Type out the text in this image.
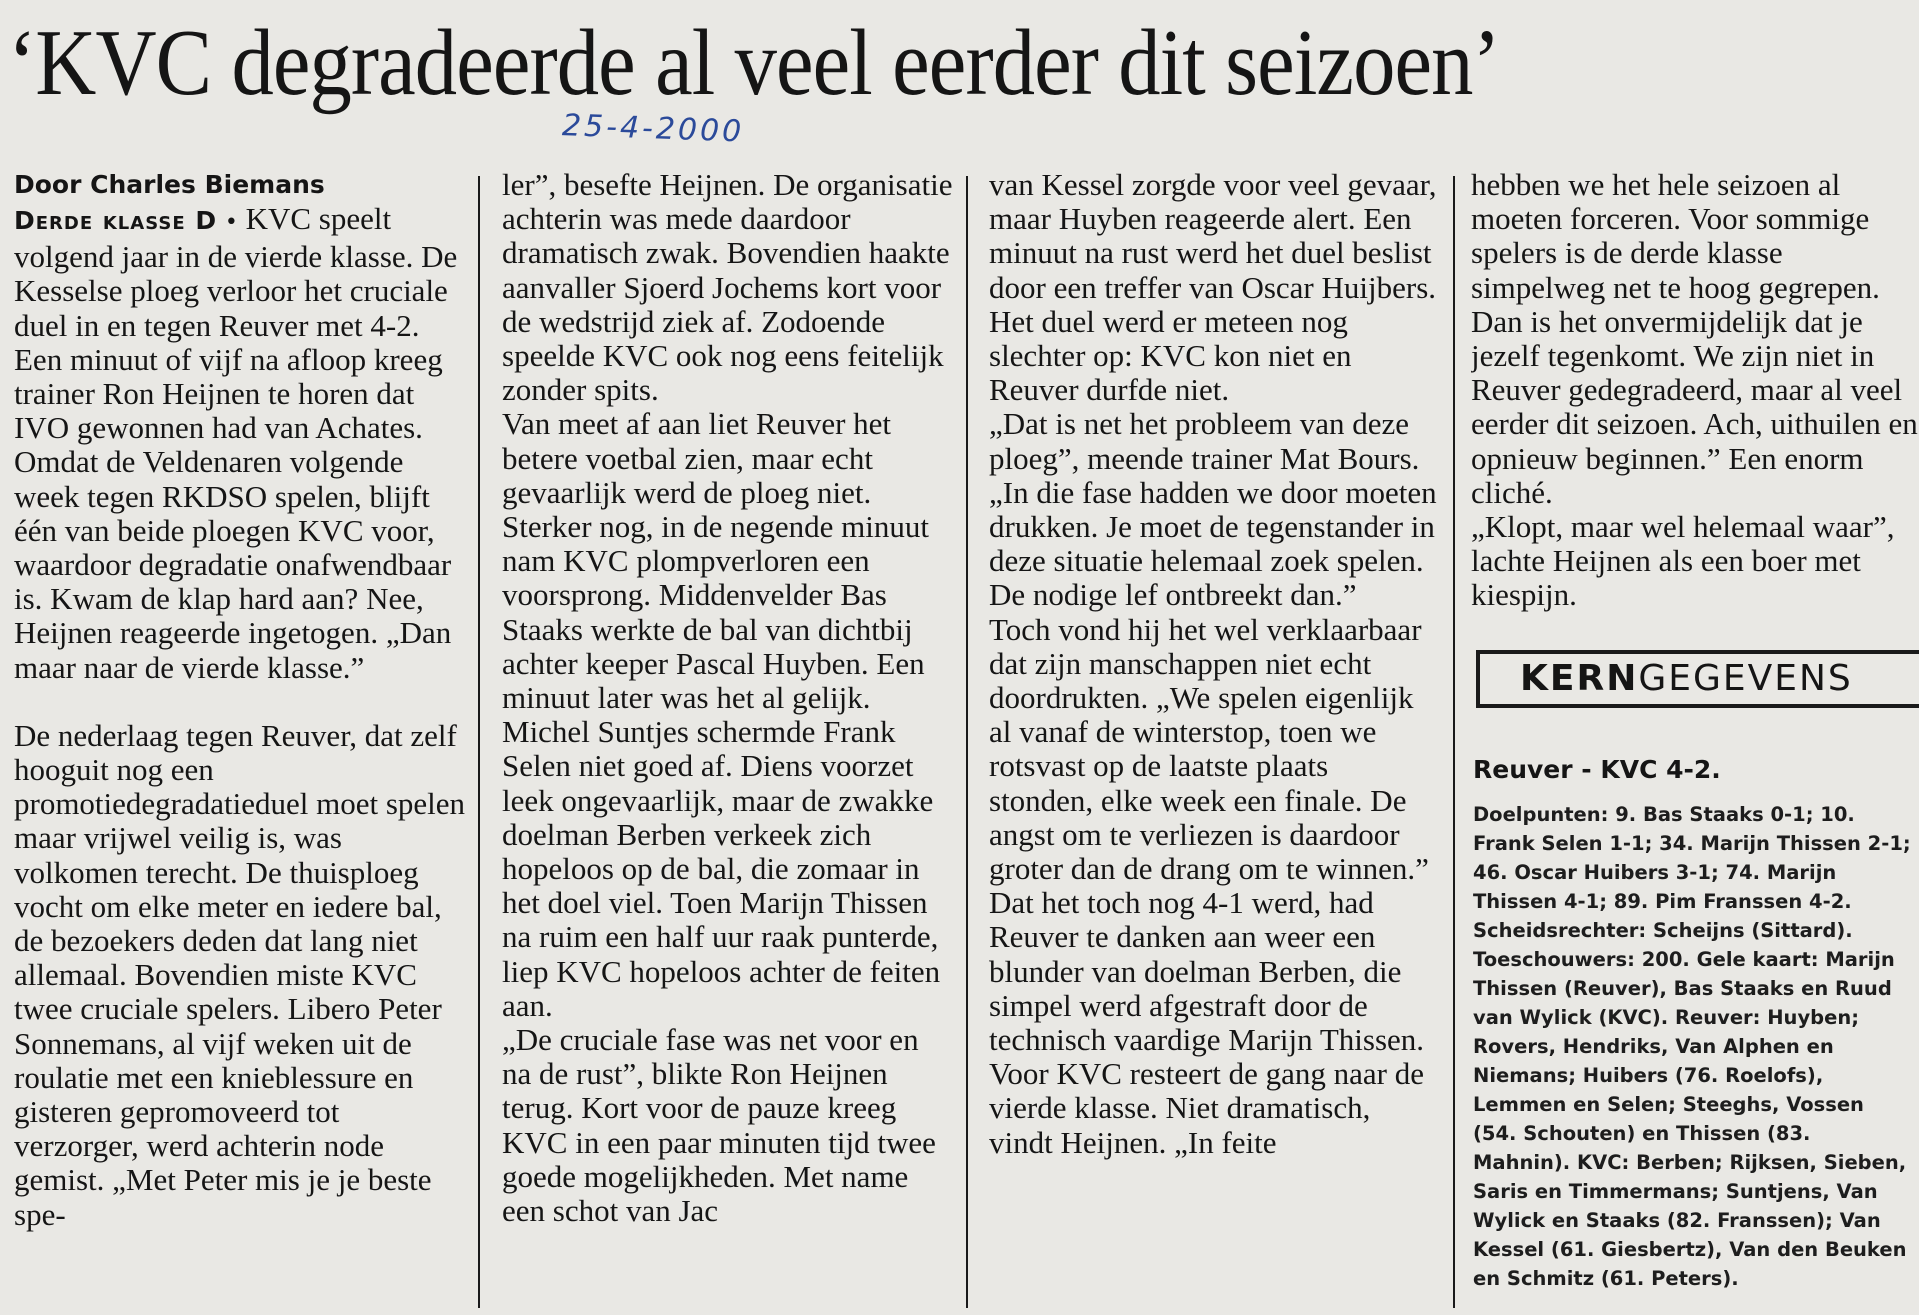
‘KVC degradeerde al veel eerder dit seizoen’
25-4-2000
Door Charles Biemans

Derde klasse D • KVC speelt volgend jaar in de vierde klasse. De Kesselse ploeg verloor het cruciale duel in en tegen Reuver met 4-2. Een minuut of vijf na afloop kreeg trainer Ron Heijnen te horen dat IVO gewonnen had van Achates. Omdat de Veldenaren volgende week tegen RKDSO spelen, blijft één van beide ploegen KVC voor, waardoor degradatie onafwendbaar is. Kwam de klap hard aan? Nee, Heijnen reageerde ingetogen. „Dan maar naar de vierde klasse.”

De nederlaag tegen Reuver, dat zelf hooguit nog een promotiedegradatieduel moet spelen maar vrijwel veilig is, was volkomen terecht. De thuisploeg vocht om elke meter en iedere bal, de bezoekers deden dat lang niet allemaal. Bovendien miste KVC twee cruciale spelers. Libero Peter Sonnemans, al vijf weken uit de roulatie met een knieblessure en gisteren gepromoveerd tot verzorger, werd achterin node gemist. „Met Peter mis je je beste spe-

ler”, besefte Heijnen. De organisatie achterin was mede daardoor dramatisch zwak. Bovendien haakte aanvaller Sjoerd Jochems kort voor de wedstrijd ziek af. Zodoende speelde KVC ook nog eens feitelijk zonder spits.

Van meet af aan liet Reuver het betere voetbal zien, maar echt gevaarlijk werd de ploeg niet. Sterker nog, in de negende minuut nam KVC plompverloren een voorsprong. Middenvelder Bas Staaks werkte de bal van dichtbij achter keeper Pascal Huyben. Een minuut later was het al gelijk. Michel Suntjes schermde Frank Selen niet goed af. Diens voorzet leek ongevaarlijk, maar de zwakke doelman Berben verkeek zich hopeloos op de bal, die zomaar in het doel viel. Toen Marijn Thissen na ruim een half uur raak punterde, liep KVC hopeloos achter de feiten aan.

„De cruciale fase was net voor en na de rust”, blikte Ron Heijnen terug. Kort voor de pauze kreeg KVC in een paar minuten tijd twee goede mogelijkheden. Met name een schot van Jac

van Kessel zorgde voor veel gevaar, maar Huyben reageerde alert. Een minuut na rust werd het duel beslist door een treffer van Oscar Huijbers. Het duel werd er meteen nog slechter op: KVC kon niet en Reuver durfde niet.

„Dat is net het probleem van deze ploeg”, meende trainer Mat Bours. „In die fase hadden we door moeten drukken. Je moet de tegenstander in deze situatie helemaal zoek spelen. De nodige lef ontbreekt dan.”

Toch vond hij het wel verklaarbaar dat zijn manschappen niet echt doordrukten. „We spelen eigenlijk al vanaf de winterstop, toen we rotsvast op de laatste plaats stonden, elke week een finale. De angst om te verliezen is daardoor groter dan de drang om te winnen.” Dat het toch nog 4-1 werd, had Reuver te danken aan weer een blunder van doelman Berben, die simpel werd afgestraft door de technisch vaardige Marijn Thissen.

Voor KVC resteert de gang naar de vierde klasse. Niet dramatisch, vindt Heijnen. „In feite

hebben we het hele seizoen al moeten forceren. Voor sommige spelers is de derde klasse simpelweg net te hoog gegrepen. Dan is het onvermijdelijk dat je jezelf tegenkomt. We zijn niet in Reuver gedegradeerd, maar al veel eerder dit seizoen. Ach, uithuilen en opnieuw beginnen.” Een enorm cliché.

„Klopt, maar wel helemaal waar”, lachte Heijnen als een boer met kiespijn.

KERNGEGEVENS
Reuver - KVC 4-2.
Doelpunten: 9. Bas Staaks 0-1; 10. Frank Selen 1-1; 34. Marijn Thissen 2-1; 46. Oscar Huibers 3-1; 74. Marijn Thissen 4-1; 89. Pim Franssen 4-2. Scheidsrechter: Scheijns (Sittard). Toeschouwers: 200. Gele kaart: Marijn Thissen (Reuver), Bas Staaks en Ruud van Wylick (KVC). Reuver: Huyben; Rovers, Hendriks, Van Alphen en Niemans; Huibers (76. Roelofs), Lemmen en Selen; Steeghs, Vossen (54. Schouten) en Thissen (83. Mahnin). KVC: Berben; Rijksen, Sieben, Saris en Timmermans; Suntjens, Van Wylick en Staaks (82. Franssen); Van Kessel (61. Giesbertz), Van den Beuken en Schmitz (61. Peters).
